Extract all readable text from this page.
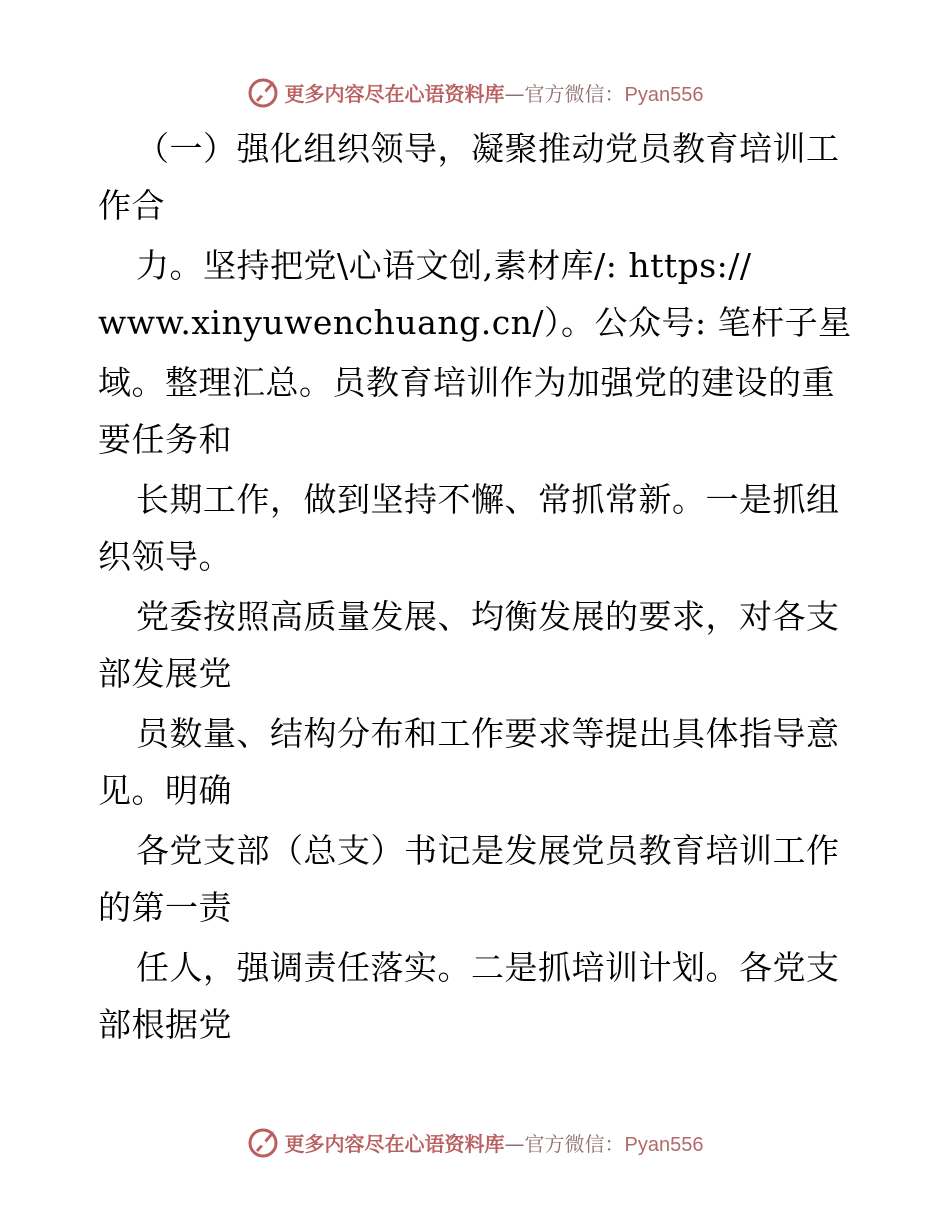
更多内容尽在心语资料库 — 官方微信： Pyan556
（一）强化组织领导，凝聚推动党员教育培训工
作合
力。坚持把党\心语文创,素材库/: https://
www.xinyuwenchuang.cn/）。公众号: 笔杆子星
域。整理汇总。员教育培训作为加强党的建设的重
要任务和
长期工作，做到坚持不懈、常抓常新。一是抓组
织领导。
党委按照高质量发展、均衡发展的要求，对各支
部发展党
员数量、结构分布和工作要求等提出具体指导意
见。明确
各党支部（总支）书记是发展党员教育培训工作
的第一责
任人，强调责任落实。二是抓培训计划。各党支
部根据党
更多内容尽在心语资料库 — 官方微信： Pyan556
